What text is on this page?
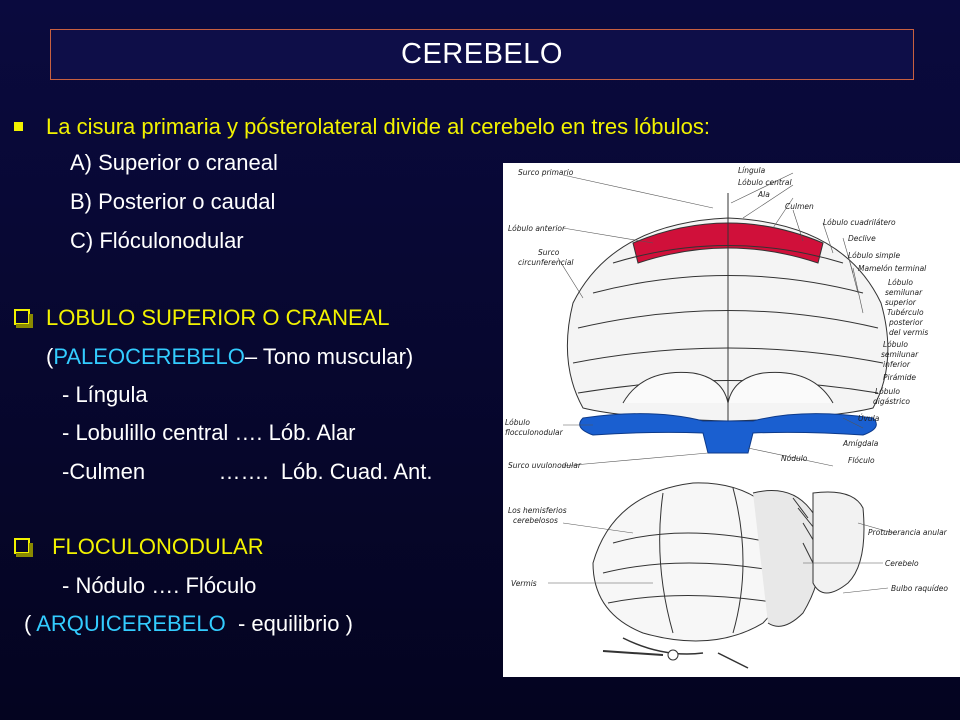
CEREBELO
La cisura primaria y pósterolateral divide al cerebelo en tres lóbulos:
A) Superior o craneal
B) Posterior o caudal
C) Flóculonodular
LOBULO SUPERIOR O CRANEAL
(PALEOCEREBELO– Tono muscular)
- Língula
- Lobulillo central …. Lób. Alar
-Culmen            …….  Lób. Cuad. Ant.
FLOCULONODULAR
- Nódulo …. Flóculo
( ARQUICEREBELO  - equilibrio )
Surco primario
Lóbulo anterior
Surco
circunferencial
Lóbulo
flocculonodular
Surco uvulonodular
Língula
Lóbulo central
Ala
Culmen
Lóbulo cuadrilátero
Declive
Lóbulo simple
Mamelón terminal
Lóbulo
semilunar
superior
Tubérculo
posterior
del vermis
Lóbulo
semilunar
inferior
Pirámide
Lóbulo
digástrico
Úvula
Amígdala
Flóculo
Nódulo
Los hemisferios
cerebelosos
Vermis
Protuberancia anular
Cerebelo
Bulbo raquídeo
